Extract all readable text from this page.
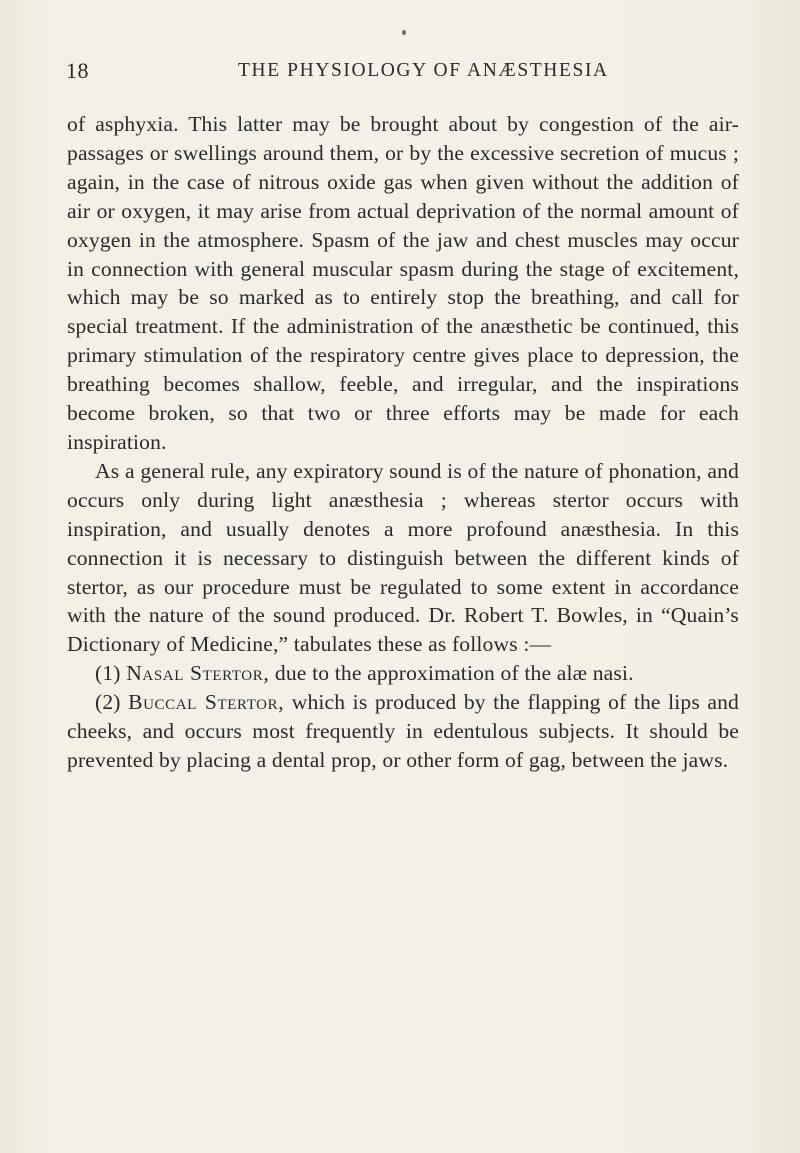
18	THE PHYSIOLOGY OF ANÆSTHESIA

of asphyxia. This latter may be brought about by congestion of the air-passages or swellings around them, or by the excessive secretion of mucus ; again, in the case of nitrous oxide gas when given without the addition of air or oxygen, it may arise from actual deprivation of the normal amount of oxygen in the atmosphere. Spasm of the jaw and chest muscles may occur in connection with general muscular spasm during the stage of excitement, which may be so marked as to entirely stop the breathing, and call for special treatment. If the administration of the anæsthetic be continued, this primary stimulation of the respiratory centre gives place to depression, the breathing becomes shallow, feeble, and irregular, and the inspirations become broken, so that two or three efforts may be made for each inspiration.

As a general rule, any expiratory sound is of the nature of phonation, and occurs only during light anæsthesia ; whereas stertor occurs with inspiration, and usually denotes a more profound anæsthesia. In this connection it is necessary to distinguish between the different kinds of stertor, as our procedure must be regulated to some extent in accordance with the nature of the sound produced. Dr. Robert T. Bowles, in “Quain’s Dictionary of Medicine,” tabulates these as follows :—

(1) Nasal Stertor, due to the approximation of the alæ nasi.

(2) Buccal Stertor, which is produced by the flapping of the lips and cheeks, and occurs most frequently in edentulous subjects. It should be prevented by placing a dental prop, or other form of gag, between the jaws.
